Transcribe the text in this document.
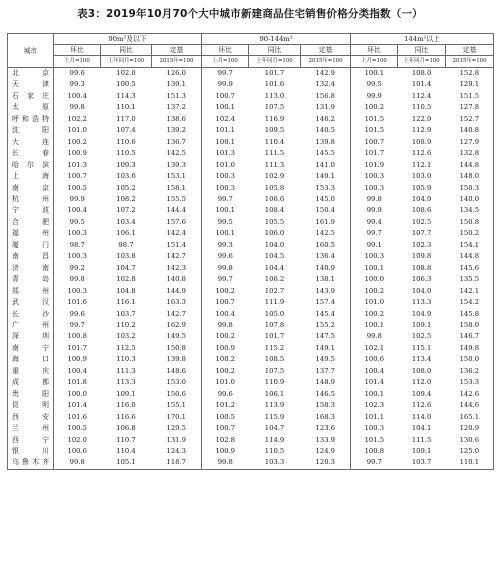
表3：2019年10月70个大中城市新建商品住宅销售价格分类指数（一）
城市	90m²及以下			90-144m²			144m²以上		
	环比	同比	定基	环比	同比	定基	环比	同比	定基
	上月=100	上年同月=100	2015年=100	上月=100	上年同月=100	2015年=100	上月=100	上年同月=100	2015年=100
北京	99.6	102.0	126.0	99.7	101.7	142.9	100.1	108.0	152.8
天津	99.3	100.5	139.1	99.9	101.6	132.4	99.5	101.4	129.1
石家庄	100.4	114.3	151.3	100.7	113.0	156.8	99.9	112.4	151.5
太原	99.8	110.1	137.2	100.1	107.5	131.9	100.2	110.5	127.8
呼和浩特	102.2	117.0	138.6	102.4	116.9	146.2	101.5	122.9	152.7
沈阳	101.0	107.4	139.2	101.1	109.5	140.5	101.5	112.9	140.8
大连	100.2	110.6	136.7	100.1	110.4	139.8	100.7	108.9	127.9
长春	100.9	110.5	142.5	101.3	111.5	145.5	101.7	112.6	132.8
哈尔滨	101.3	109.3	139.3	101.0	111.3	141.0	101.9	112.1	144.8
上海	100.7	103.6	153.1	100.3	102.9	149.1	100.3	103.0	148.0
南京	100.5	105.2	158.1	100.3	105.8	153.3	100.3	105.9	150.3
杭州	99.9	108.2	155.5	99.7	106.6	145.0	99.8	104.9	140.0
宁波	100.4	107.2	144.4	100.1	108.4	150.4	99.9	108.6	134.5
合肥	99.5	103.4	157.6	99.5	105.5	161.9	99.4	102.5	150.8
福州	100.3	106.1	142.4	100.1	106.0	142.5	99.7	107.7	150.2
厦门	98.7	98.7	151.4	99.3	104.0	160.5	99.1	102.3	154.1
南昌	100.3	103.8	142.7	99.6	104.5	136.4	100.3	109.8	144.8
济南	99.2	104.7	142.3	99.8	104.4	140.9	100.1	108.8	145.6
青岛	99.8	102.8	140.8	99.7	106.2	138.1	100.0	106.3	135.5
郑州	100.3	104.8	144.9	100.2	102.7	143.9	100.2	104.0	142.1
武汉	101.6	116.1	163.3	100.7	111.9	157.4	101.0	113.3	154.2
长沙	99.6	103.7	142.7	100.4	105.0	145.4	100.2	104.9	145.8
广州	99.7	110.2	162.9	99.8	107.8	155.2	100.1	109.1	158.0
深圳	100.8	103.2	149.5	100.2	101.7	147.5	99.8	102.5	146.7
南宁	101.7	112.5	150.8	100.9	115.2	149.1	102.1	115.1	149.8
海口	100.9	110.3	139.8	100.2	108.5	149.5	100.6	113.4	150.0
重庆	100.4	111.3	148.6	100.2	107.5	137.7	100.4	108.0	136.2
成都	101.8	113.3	153.0	101.0	110.9	148.9	101.4	112.0	153.3
贵阳	100.0	109.1	150.6	99.6	106.1	146.5	100.1	109.4	142.6
昆明	101.4	116.0	155.1	101.2	113.9	158.3	102.3	112.6	144.6
西安	101.6	116.6	170.1	100.5	115.9	168.3	101.1	114.0	165.1
兰州	100.5	106.8	129.5	100.7	104.7	123.6	100.3	104.1	120.9
西宁	102.0	110.7	131.9	102.8	114.9	133.9	101.5	111.5	130.6
银川	100.6	110.4	124.3	100.9	110.5	124.9	100.8	109.1	125.0
乌鲁木齐	99.8	105.1	118.7	99.8	103.3	120.3	99.7	103.7	110.1
